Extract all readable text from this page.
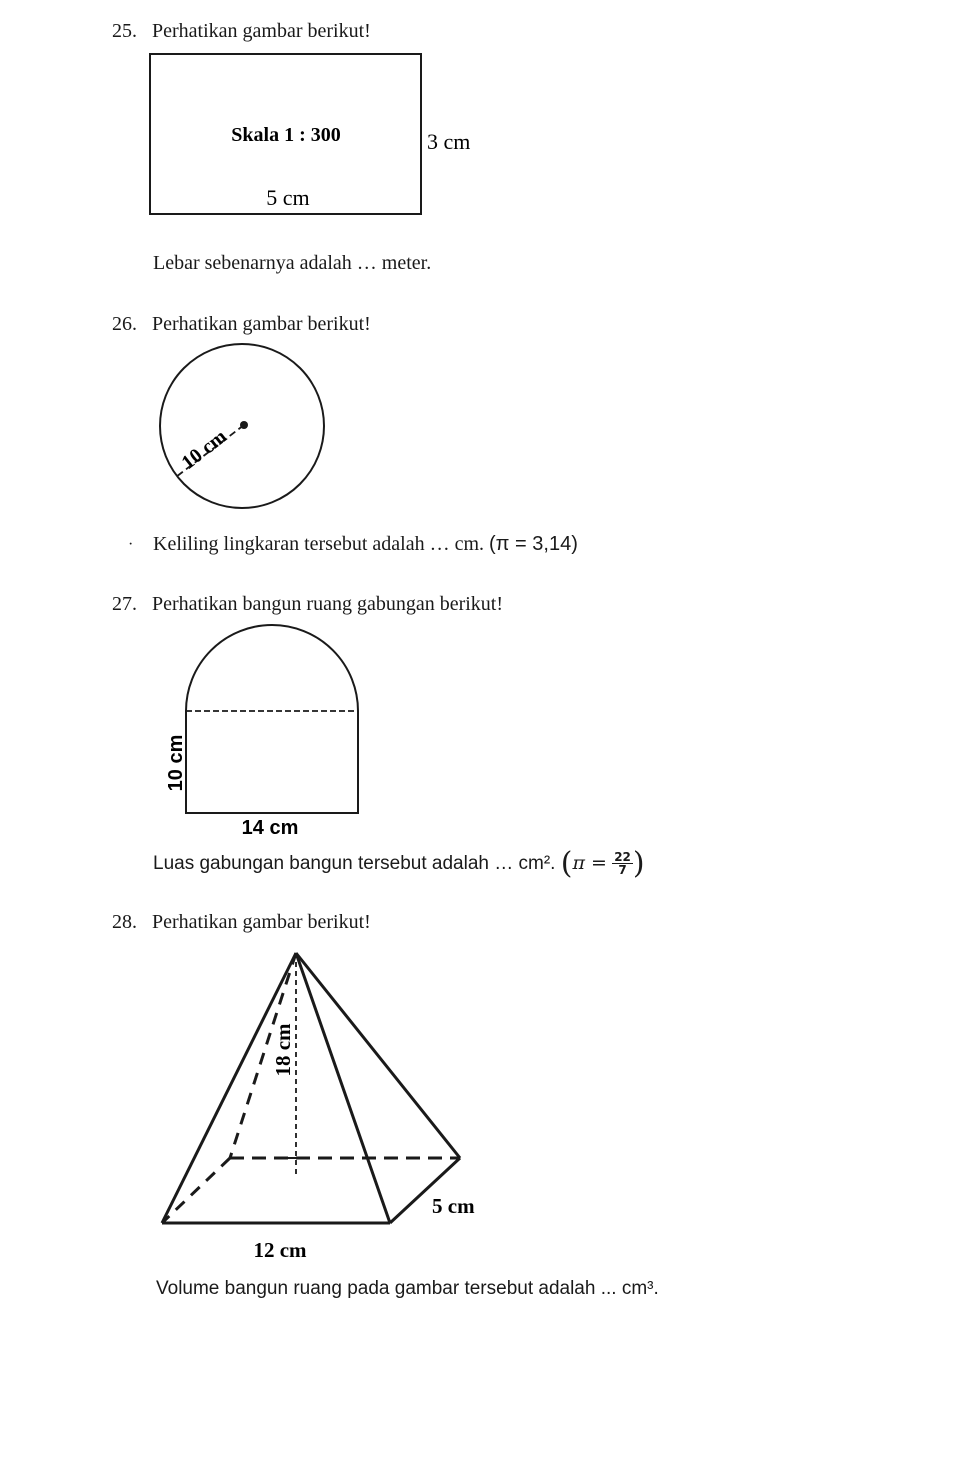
25. Perhatikan gambar berikut!
Skala 1 : 300	3 cm
5 cm
Lebar sebenarnya adalah … meter.
26. Perhatikan gambar berikut!
10 cm
· Keliling lingkaran tersebut adalah … cm. (π = 3,14)
27. Perhatikan bangun ruang gabungan berikut!
10 cm
14 cm
Luas gabungan bangun tersebut adalah … cm². ($\pi = \frac{22}{7}$ )
28. Perhatikan gambar berikut!
18 cm
5 cm
12 cm
Volume bangun ruang pada gambar tersebut adalah ... cm³.
